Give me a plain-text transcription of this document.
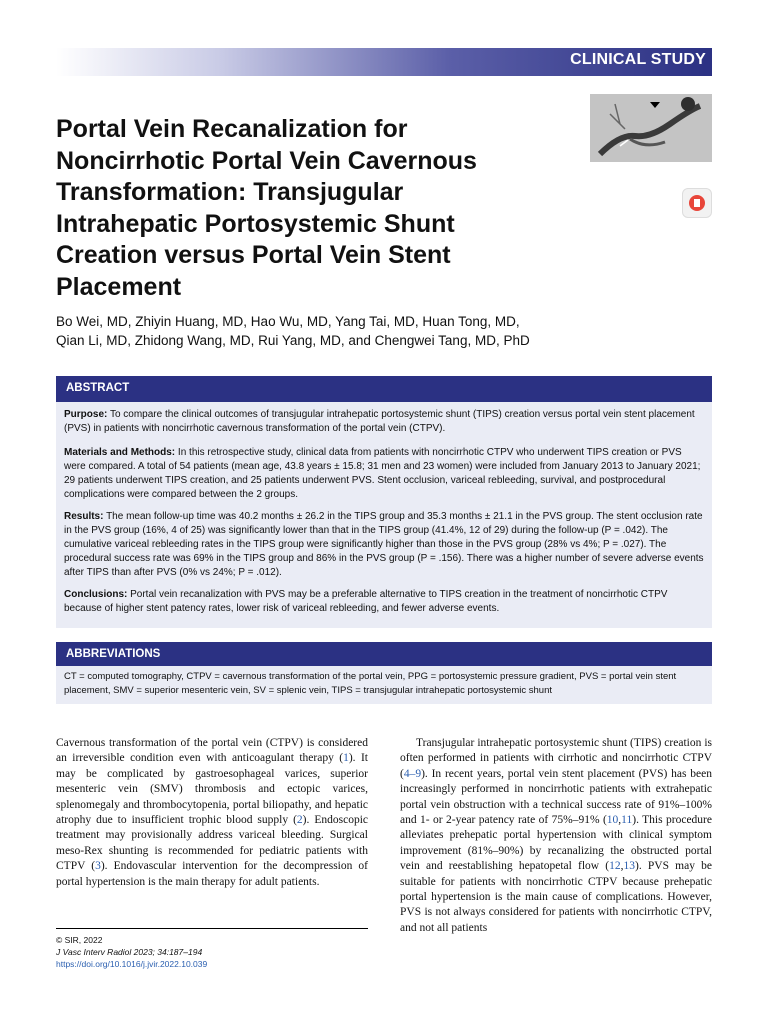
CLINICAL STUDY
Portal Vein Recanalization for Noncirrhotic Portal Vein Cavernous Transformation: Transjugular Intrahepatic Portosystemic Shunt Creation versus Portal Vein Stent Placement

Bo Wei, MD, Zhiyin Huang, MD, Hao Wu, MD, Yang Tai, MD, Huan Tong, MD,
Qian Li, MD, Zhidong Wang, MD, Rui Yang, MD, and Chengwei Tang, MD, PhD

ABSTRACT

Purpose: To compare the clinical outcomes of transjugular intrahepatic portosystemic shunt (TIPS) creation versus portal vein stent placement (PVS) in patients with noncirrhotic cavernous transformation of the portal vein (CTPV).

Materials and Methods: In this retrospective study, clinical data from patients with noncirrhotic CTPV who underwent TIPS creation or PVS were compared. A total of 54 patients (mean age, 43.8 years ± 15.8; 31 men and 23 women) were included from January 2013 to January 2021; 29 patients underwent TIPS creation, and 25 patients underwent PVS. Stent occlusion, variceal rebleeding, survival, and postprocedural complications were compared between the 2 groups.

Results: The mean follow-up time was 40.2 months ± 26.2 in the TIPS group and 35.3 months ± 21.1 in the PVS group. The stent occlusion rate in the PVS group (16%, 4 of 25) was significantly lower than that in the TIPS group (41.4%, 12 of 29) during the follow-up (P = .042). The cumulative variceal rebleeding rates in the TIPS group were significantly higher than those in the PVS group (28% vs 4%; P = .027). The procedural success rate was 69% in the TIPS group and 86% in the PVS group (P = .156). There was a higher number of severe adverse events after TIPS than after PVS (0% vs 24%; P = .012).

Conclusions: Portal vein recanalization with PVS may be a preferable alternative to TIPS creation in the treatment of noncirrhotic CTPV because of higher stent patency rates, lower risk of variceal rebleeding, and fewer adverse events.

ABBREVIATIONS

CT = computed tomography, CTPV = cavernous transformation of the portal vein, PPG = portosystemic pressure gradient, PVS = portal vein stent placement, SMV = superior mesenteric vein, SV = splenic vein, TIPS = transjugular intrahepatic portosystemic shunt

Cavernous transformation of the portal vein (CTPV) is considered an irreversible condition even with anticoagulant therapy (1). It may be complicated by gastroesophageal varices, superior mesenteric vein (SMV) thrombosis and ectopic varices, splenomegaly and thrombocytopenia, portal biliopathy, and hepatic atrophy due to insufficient trophic blood supply (2). Endoscopic treatment may provisionally address variceal bleeding. Surgical meso-Rex shunting is recommended for pediatric patients with CTPV (3). Endovascular intervention for the decompression of portal hypertension is the main therapy for adult patients.

Transjugular intrahepatic portosystemic shunt (TIPS) creation is often performed in patients with cirrhotic and noncirrhotic CTPV (4–9). In recent years, portal vein stent placement (PVS) has been increasingly performed in noncirrhotic patients with extrahepatic portal vein obstruction with a technical success rate of 91%–100% and 1- or 2-year patency rate of 75%–91% (10,11). This procedure alleviates prehepatic portal hypertension with clinical symptom improvement (81%–90%) by recanalizing the obstructed portal vein and reestablishing hepatopetal flow (12,13). PVS may be suitable for patients with noncirrhotic CTPV because prehepatic portal hypertension is the main cause of complications. However, PVS is not always considered for patients with noncirrhotic CTPV, and not all patients

© SIR, 2022
J Vasc Interv Radiol 2023; 34:187–194
https://doi.org/10.1016/j.jvir.2022.10.039
